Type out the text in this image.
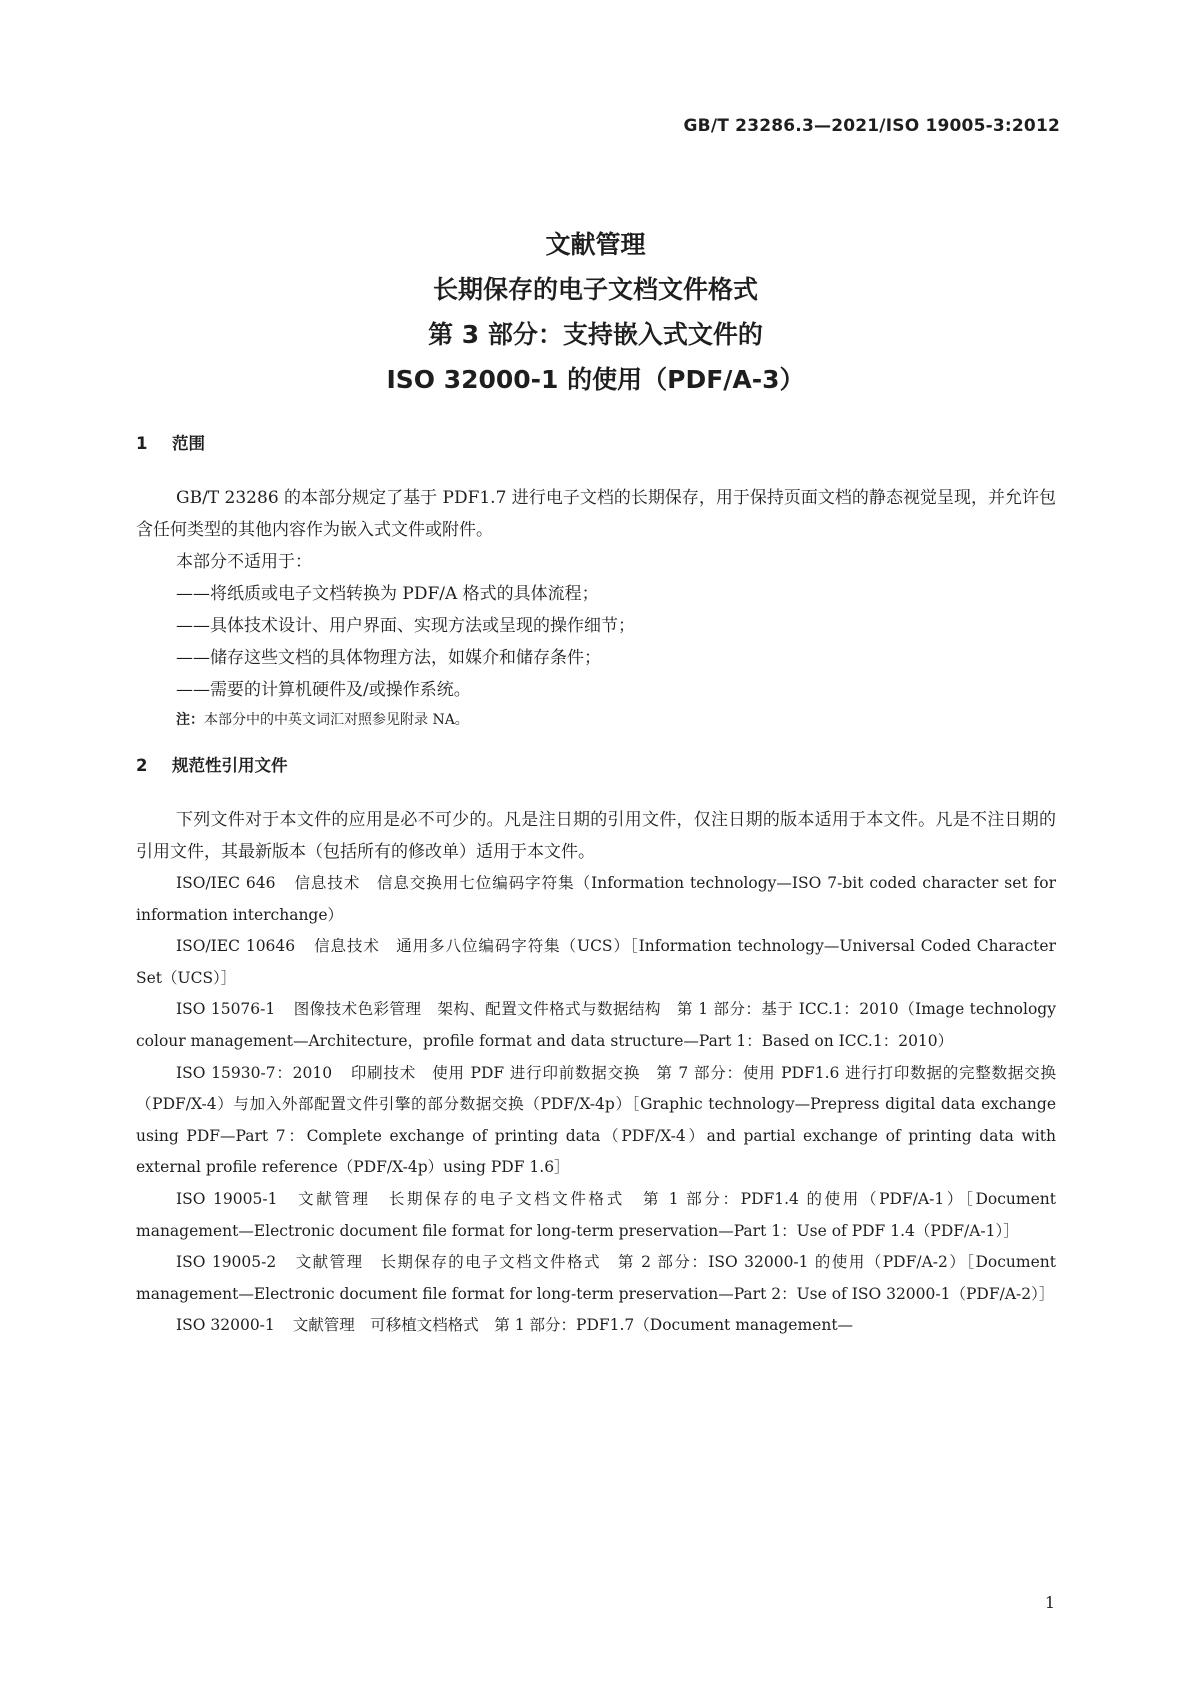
GB/T 23286.3—2021/ISO 19005-3:2012
文献管理
长期保存的电子文档文件格式
第 3 部分：支持嵌入式文件的
ISO 32000-1 的使用（PDF/A-3）
1 范围

GB/T 23286 的本部分规定了基于 PDF1.7 进行电子文档的长期保存，用于保持页面文档的静态视觉呈现，并允许包含任何类型的其他内容作为嵌入式文件或附件。

本部分不适用于：

——将纸质或电子文档转换为 PDF/A 格式的具体流程；

——具体技术设计、用户界面、实现方法或呈现的操作细节；

——储存这些文档的具体物理方法，如媒介和储存条件；

——需要的计算机硬件及/或操作系统。

注：本部分中的中英文词汇对照参见附录 NA。

2 规范性引用文件

下列文件对于本文件的应用是必不可少的。凡是注日期的引用文件，仅注日期的版本适用于本文件。凡是不注日期的引用文件，其最新版本（包括所有的修改单）适用于本文件。

ISO/IEC 646 信息技术　信息交换用七位编码字符集（Information technology—ISO 7-bit coded character set for information interchange）

ISO/IEC 10646 信息技术　通用多八位编码字符集（UCS）［Information technology—Universal Coded Character Set（UCS）］

ISO 15076-1 图像技术色彩管理　架构、配置文件格式与数据结构　第 1 部分：基于 ICC.1：2010（Image technology colour management—Architecture，profile format and data structure—Part 1：Based on ICC.1：2010）

ISO 15930-7：2010 印刷技术　使用 PDF 进行印前数据交换　第 7 部分：使用 PDF1.6 进行打印数据的完整数据交换（PDF/X-4）与加入外部配置文件引擎的部分数据交换（PDF/X-4p）［Graphic technology—Prepress digital data exchange using PDF—Part 7：Complete exchange of printing data（PDF/X-4）and partial exchange of printing data with external profile reference（PDF/X-4p）using PDF 1.6］

ISO 19005-1 文献管理　长期保存的电子文档文件格式　第 1 部分：PDF1.4 的使用（PDF/A-1）［Document management—Electronic document file format for long-term preservation—Part 1：Use of PDF 1.4（PDF/A-1）］

ISO 19005-2 文献管理　长期保存的电子文档文件格式　第 2 部分：ISO 32000-1 的使用（PDF/A-2）［Document management—Electronic document file format for long-term preservation—Part 2：Use of ISO 32000-1（PDF/A-2）］

ISO 32000-1 文献管理　可移植文档格式　第 1 部分：PDF1.7（Document management—

1
